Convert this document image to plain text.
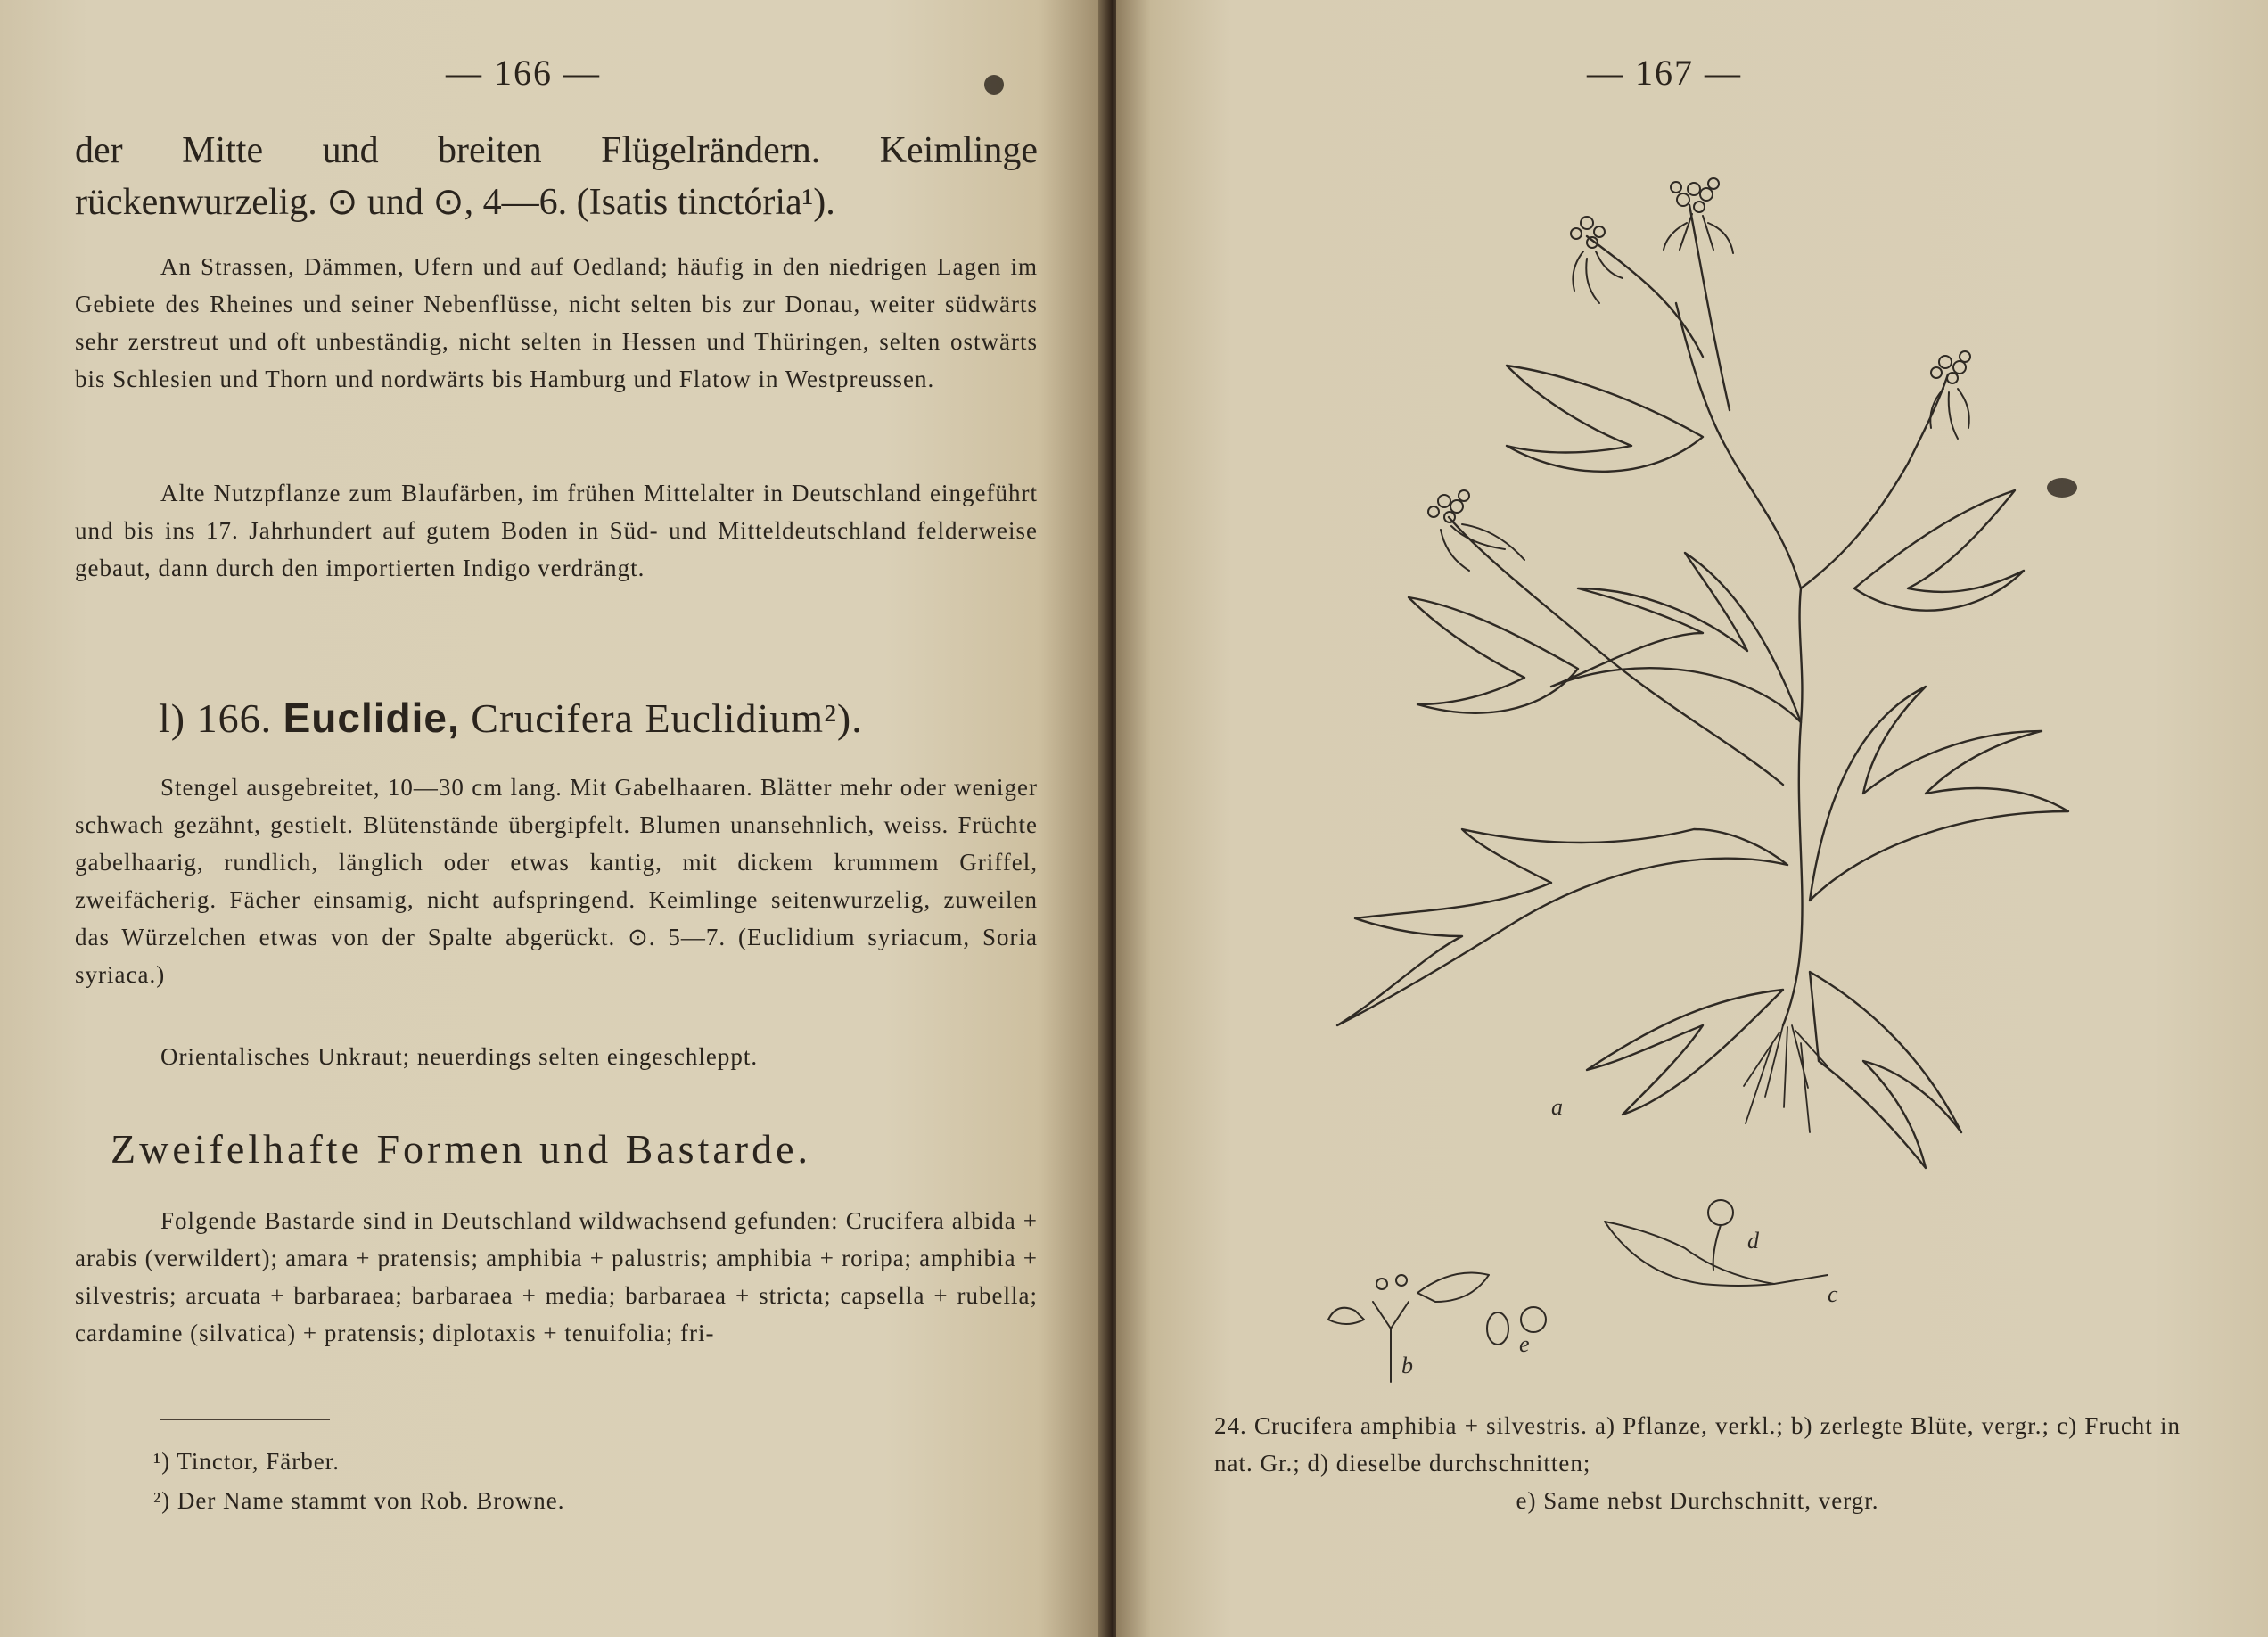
— 166 —
der Mitte und breiten Flügelrändern. Keimlinge rückenwurzelig. ⊙ und ⊙, 4—6. (Isatis tinctória¹).
An Strassen, Dämmen, Ufern und auf Oedland; häufig in den niedrigen Lagen im Gebiete des Rheines und seiner Nebenflüsse, nicht selten bis zur Donau, weiter südwärts sehr zerstreut und oft unbeständig, nicht selten in Hessen und Thüringen, selten ostwärts bis Schlesien und Thorn und nordwärts bis Hamburg und Flatow in Westpreussen.
Alte Nutzpflanze zum Blaufärben, im frühen Mittelalter in Deutschland eingeführt und bis ins 17. Jahrhundert auf gutem Boden in Süd- und Mitteldeutschland felderweise gebaut, dann durch den importierten Indigo verdrängt.
l) 166. Euclidie, Crucifera Euclidium²).
Stengel ausgebreitet, 10—30 cm lang. Mit Gabelhaaren. Blätter mehr oder weniger schwach gezähnt, gestielt. Blütenstände übergipfelt. Blumen unansehnlich, weiss. Früchte gabelhaarig, rundlich, länglich oder etwas kantig, mit dickem krummem Griffel, zweifächerig. Fächer einsamig, nicht aufspringend. Keimlinge seitenwurzelig, zuweilen das Würzelchen etwas von der Spalte abgerückt. ⊙. 5—7. (Euclidium syriacum, Soria syriaca.)
Orientalisches Unkraut; neuerdings selten eingeschleppt.
Zweifelhafte Formen und Bastarde.
Folgende Bastarde sind in Deutschland wildwachsend gefunden: Crucifera albida + arabis (verwildert); amara + pratensis; amphibia + palustris; amphibia + roripa; amphibia + silvestris; arcuata + barbaraea; barbaraea + media; barbaraea + stricta; capsella + rubella; cardamine (silvatica) + pratensis; diplotaxis + tenuifolia; fri-
¹) Tinctor, Färber.
²) Der Name stammt von Rob. Browne.
— 167 —
a
b
c
d
e
24. Crucifera amphibia + silvestris. a) Pflanze, verkl.; b) zerlegte Blüte, vergr.; c) Frucht in nat. Gr.; d) dieselbe durchschnitten;
e) Same nebst Durchschnitt, vergr.
